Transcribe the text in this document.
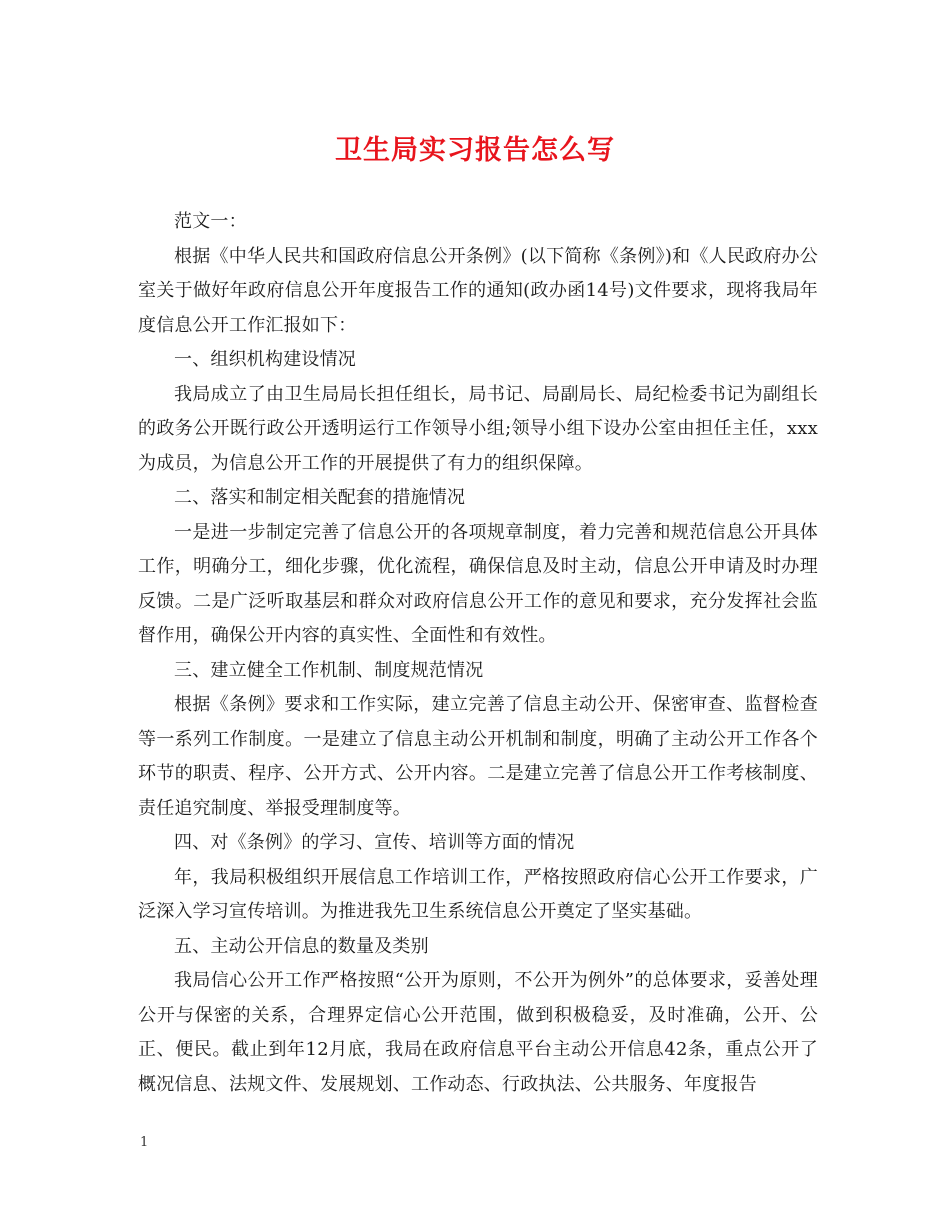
卫生局实习报告怎么写

范文一：

根据《中华人民共和国政府信息公开条例》(以下简称《条例》)和《人民政府办公室关于做好年政府信息公开年度报告工作的通知(政办函14号)文件要求，现将我局年度信息公开工作汇报如下：

一、组织机构建设情况

我局成立了由卫生局局长担任组长，局书记、局副局长、局纪检委书记为副组长的政务公开既行政公开透明运行工作领导小组;领导小组下设办公室由担任主任，xxx为成员，为信息公开工作的开展提供了有力的组织保障。

二、落实和制定相关配套的措施情况

一是进一步制定完善了信息公开的各项规章制度，着力完善和规范信息公开具体工作，明确分工，细化步骤，优化流程，确保信息及时主动，信息公开申请及时办理反馈。二是广泛听取基层和群众对政府信息公开工作的意见和要求，充分发挥社会监督作用，确保公开内容的真实性、全面性和有效性。

三、建立健全工作机制、制度规范情况

根据《条例》要求和工作实际，建立完善了信息主动公开、保密审查、监督检查等一系列工作制度。一是建立了信息主动公开机制和制度，明确了主动公开工作各个环节的职责、程序、公开方式、公开内容。二是建立完善了信息公开工作考核制度、责任追究制度、举报受理制度等。

四、对《条例》的学习、宣传、培训等方面的情况

年，我局积极组织开展信息工作培训工作，严格按照政府信心公开工作要求，广泛深入学习宣传培训。为推进我先卫生系统信息公开奠定了坚实基础。

五、主动公开信息的数量及类别

我局信心公开工作严格按照“公开为原则，不公开为例外”的总体要求，妥善处理公开与保密的关系，合理界定信心公开范围，做到积极稳妥，及时准确，公开、公正、便民。截止到年12月底，我局在政府信息平台主动公开信息42条，重点公开了概况信息、法规文件、发展规划、工作动态、行政执法、公共服务、年度报告

1
